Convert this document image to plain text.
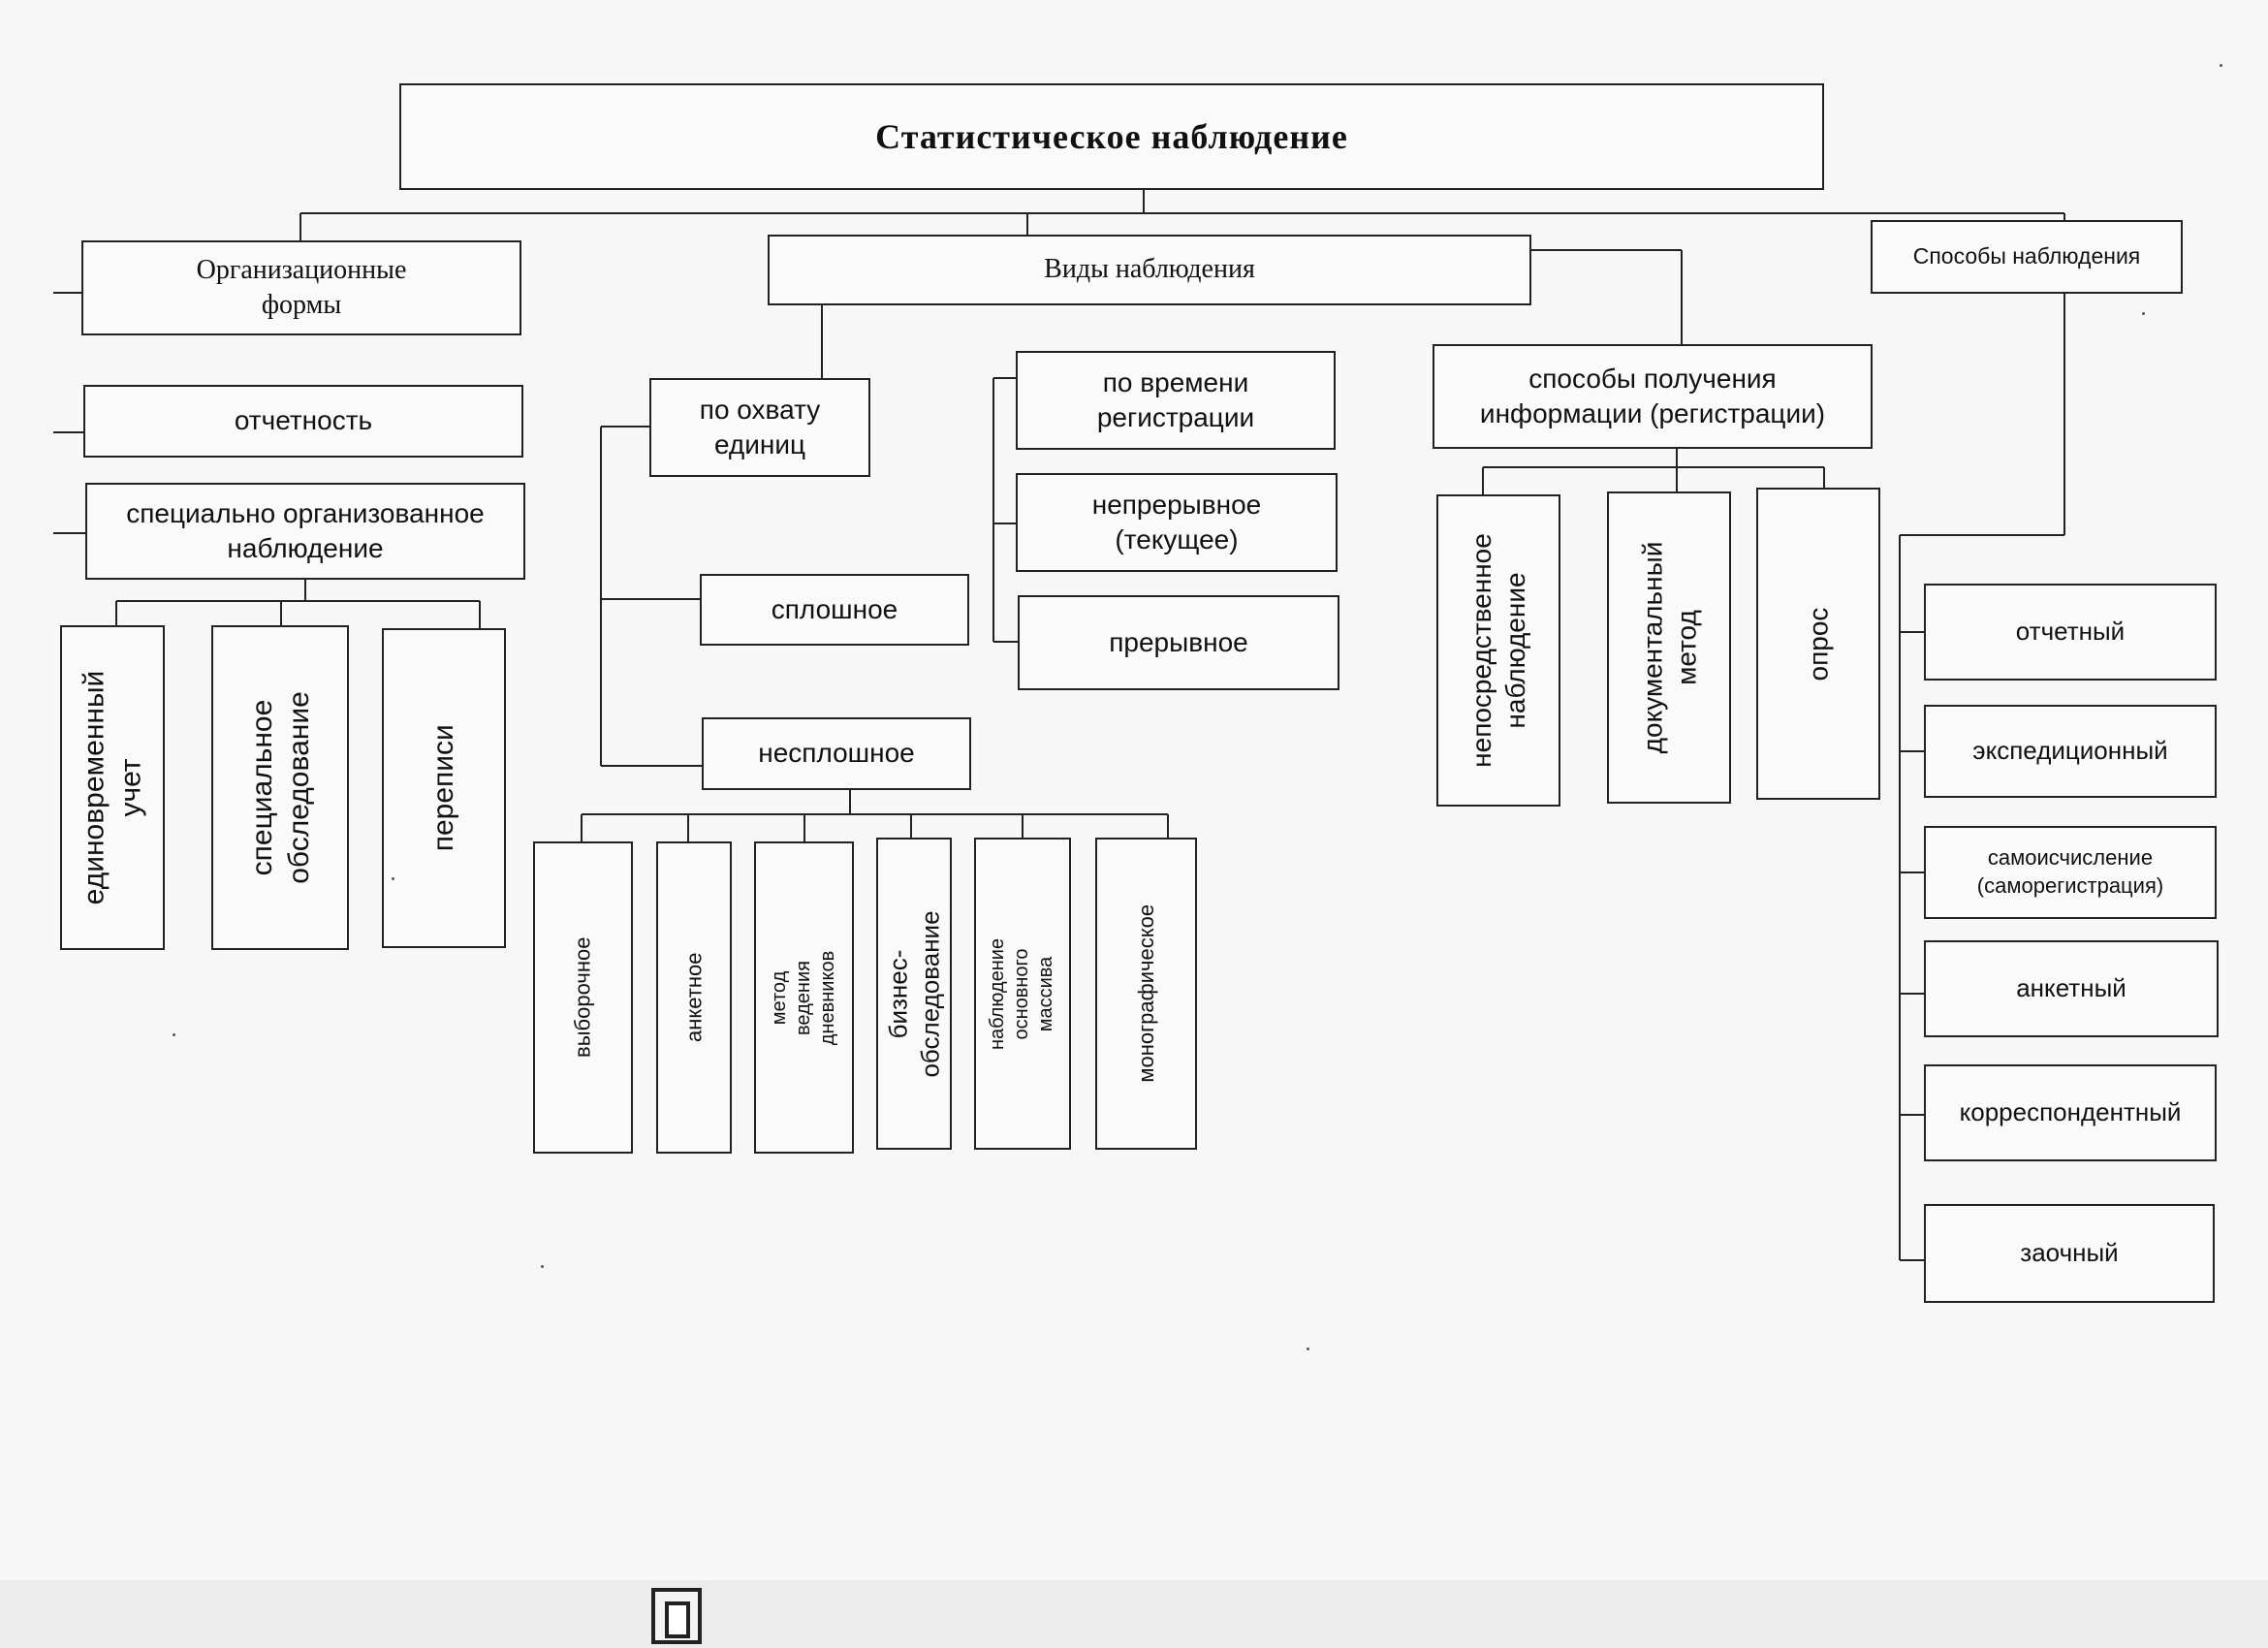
Статистическое наблюдение
Организационные
формы
отчетность
специально организованное
наблюдение
единовременный учет	специальное
обследование	переписи
Виды наблюдения
по охвату
единиц
сплошное
несплошное
выборочное	анкетное	метод ведения
дневников бизнес-обследование наблюдение основного
массива	монографическое
по времени
регистрации
непрерывное
(текущее)
прерывное
способы получения
информации (регистрации)
непосредственное
наблюдение	документальный
метод	опрос
Способы наблюдения
отчетный
экспедиционный
самоисчисление
(саморегистрация)
анкетный
корреспондентный
заочный
